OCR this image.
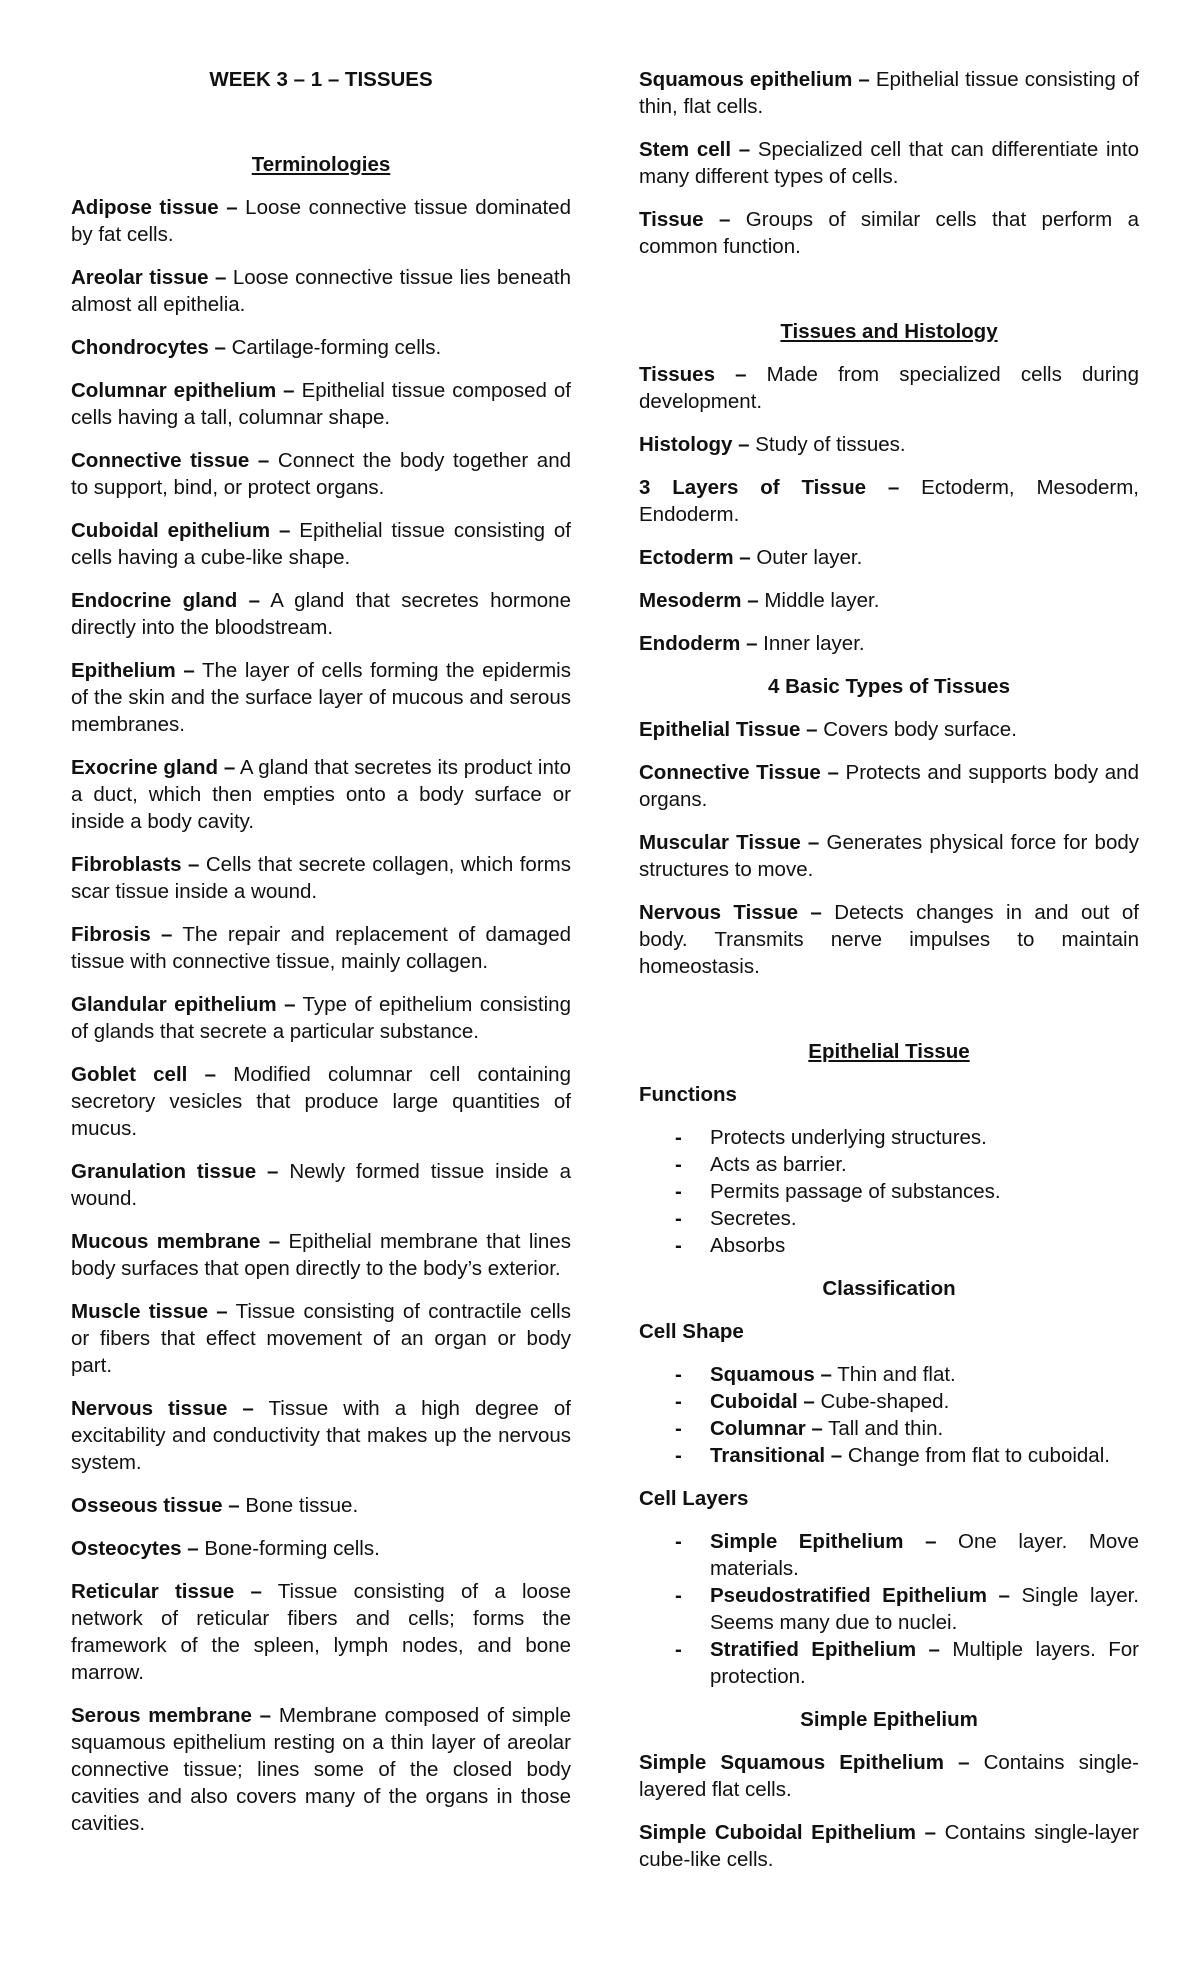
WEEK 3 – 1 – TISSUES

Terminologies

Adipose tissue – Loose connective tissue dominated by fat cells.

Areolar tissue – Loose connective tissue lies beneath almost all epithelia.

Chondrocytes – Cartilage-forming cells.

Columnar epithelium – Epithelial tissue composed of cells having a tall, columnar shape.

Connective tissue – Connect the body together and to support, bind, or protect organs.

Cuboidal epithelium – Epithelial tissue consisting of cells having a cube-like shape.

Endocrine gland – A gland that secretes hormone directly into the bloodstream.

Epithelium – The layer of cells forming the epidermis of the skin and the surface layer of mucous and serous membranes.

Exocrine gland – A gland that secretes its product into a duct, which then empties onto a body surface or inside a body cavity.

Fibroblasts – Cells that secrete collagen, which forms scar tissue inside a wound.

Fibrosis – The repair and replacement of damaged tissue with connective tissue, mainly collagen.

Glandular epithelium – Type of epithelium consisting of glands that secrete a particular substance.

Goblet cell – Modified columnar cell containing secretory vesicles that produce large quantities of mucus.

Granulation tissue – Newly formed tissue inside a wound.

Mucous membrane – Epithelial membrane that lines body surfaces that open directly to the body’s exterior.

Muscle tissue – Tissue consisting of contractile cells or fibers that effect movement of an organ or body part.

Nervous tissue – Tissue with a high degree of excitability and conductivity that makes up the nervous system.

Osseous tissue – Bone tissue.

Osteocytes – Bone-forming cells.

Reticular tissue – Tissue consisting of a loose network of reticular fibers and cells; forms the framework of the spleen, lymph nodes, and bone marrow.

Serous membrane – Membrane composed of simple squamous epithelium resting on a thin layer of areolar connective tissue; lines some of the closed body cavities and also covers many of the organs in those cavities.

Squamous epithelium – Epithelial tissue consisting of thin, flat cells.

Stem cell – Specialized cell that can differentiate into many different types of cells.

Tissue – Groups of similar cells that perform a common function.

Tissues and Histology

Tissues – Made from specialized cells during development.

Histology – Study of tissues.

3 Layers of Tissue – Ectoderm, Mesoderm, Endoderm.

Ectoderm – Outer layer.

Mesoderm – Middle layer.

Endoderm – Inner layer.

4 Basic Types of Tissues

Epithelial Tissue – Covers body surface.

Connective Tissue – Protects and supports body and organs.

Muscular Tissue – Generates physical force for body structures to move.

Nervous Tissue – Detects changes in and out of body. Transmits nerve impulses to maintain homeostasis.

Epithelial Tissue

Functions

- Protects underlying structures.
- Acts as barrier.
- Permits passage of substances.
- Secretes.
- Absorbs

Classification

Cell Shape

- Squamous – Thin and flat.
- Cuboidal – Cube-shaped.
- Columnar – Tall and thin.
- Transitional – Change from flat to cuboidal.

Cell Layers

- Simple Epithelium – One layer. Move materials.
- Pseudostratified Epithelium – Single layer. Seems many due to nuclei.
- Stratified Epithelium – Multiple layers. For protection.

Simple Epithelium

Simple Squamous Epithelium – Contains single-layered flat cells.

Simple Cuboidal Epithelium – Contains single-layer cube-like cells.
